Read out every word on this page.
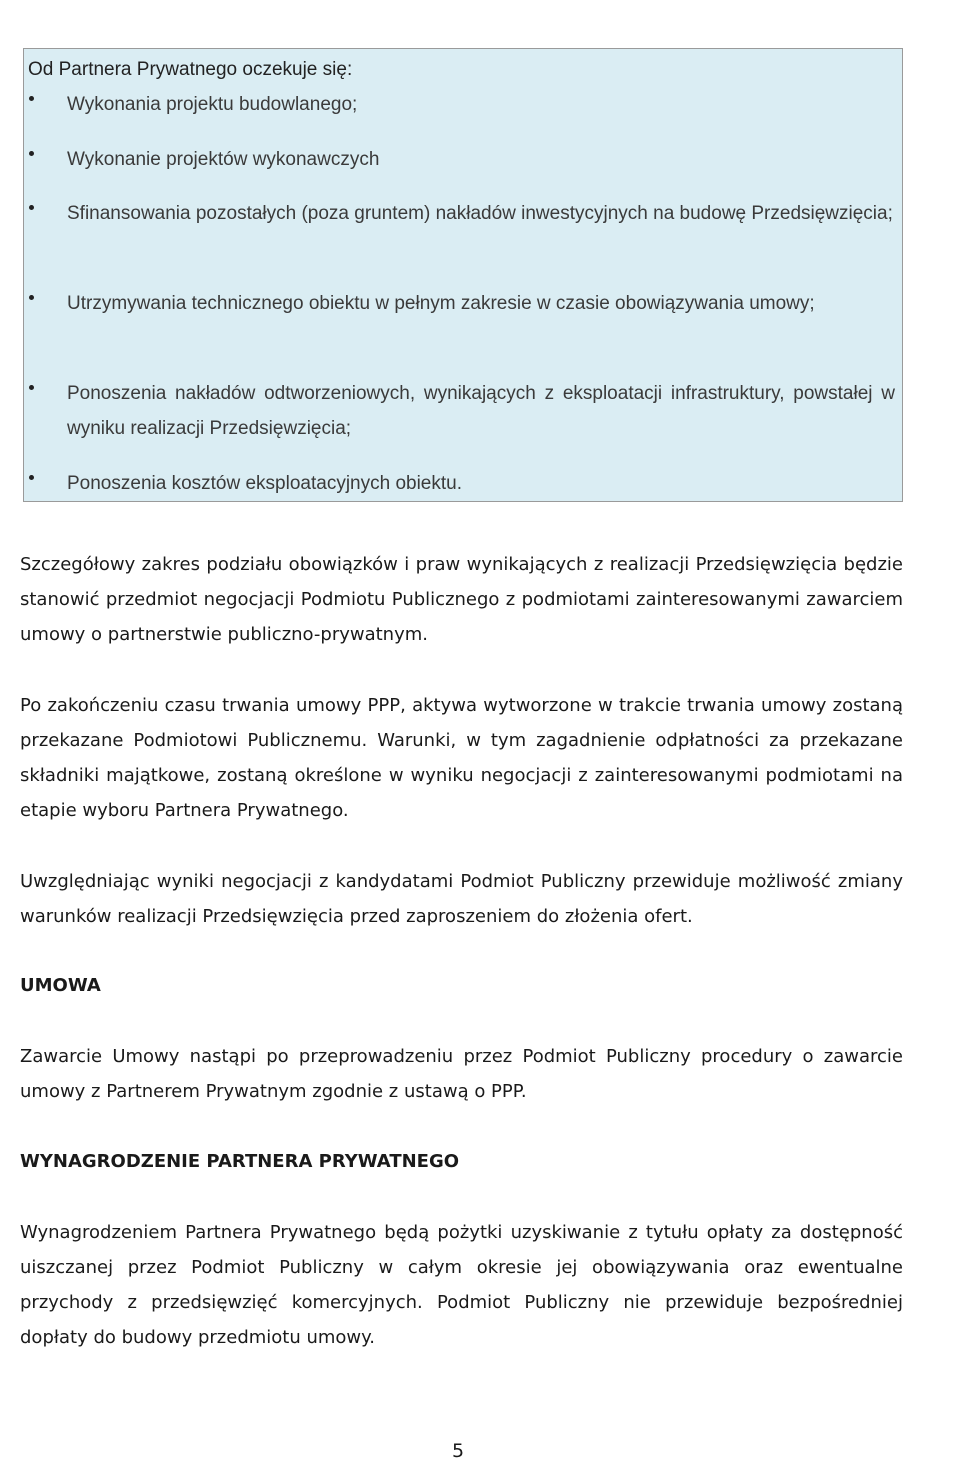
Od Partnera Prywatnego oczekuje się:
Wykonania projektu budowlanego;
Wykonanie projektów wykonawczych
Sfinansowania pozostałych (poza gruntem) nakładów inwestycyjnych na budowę Przedsięwzięcia;
Utrzymywania technicznego obiektu w pełnym zakresie w czasie obowiązywania umowy;
Ponoszenia nakładów odtworzeniowych, wynikających z eksploatacji infrastruktury, powstałej w wyniku realizacji Przedsięwzięcia;
Ponoszenia kosztów eksploatacyjnych obiektu.

Szczegółowy zakres podziału obowiązków i praw wynikających z realizacji Przedsięwzięcia będzie stanowić przedmiot negocjacji Podmiotu Publicznego z podmiotami zainteresowanymi zawarciem umowy o partnerstwie publiczno-prywatnym.

Po zakończeniu czasu trwania umowy PPP, aktywa wytworzone w trakcie trwania umowy zostaną przekazane Podmiotowi Publicznemu. Warunki, w tym zagadnienie odpłatności za przekazane składniki majątkowe, zostaną określone w wyniku negocjacji z zainteresowanymi podmiotami na etapie wyboru Partnera Prywatnego.

Uwzględniając wyniki negocjacji z kandydatami Podmiot Publiczny przewiduje możliwość zmiany warunków realizacji Przedsięwzięcia przed zaproszeniem do złożenia ofert.

UMOWA

Zawarcie Umowy nastąpi po przeprowadzeniu przez Podmiot Publiczny procedury o zawarcie umowy z Partnerem Prywatnym zgodnie z ustawą o PPP.

WYNAGRODZENIE PARTNERA PRYWATNEGO

Wynagrodzeniem Partnera Prywatnego będą pożytki uzyskiwanie z tytułu opłaty za dostępność uiszczanej przez Podmiot Publiczny w całym okresie jej obowiązywania oraz ewentualne przychody z przedsięwzięć komercyjnych. Podmiot Publiczny nie przewiduje bezpośredniej dopłaty do budowy przedmiotu umowy.

5
